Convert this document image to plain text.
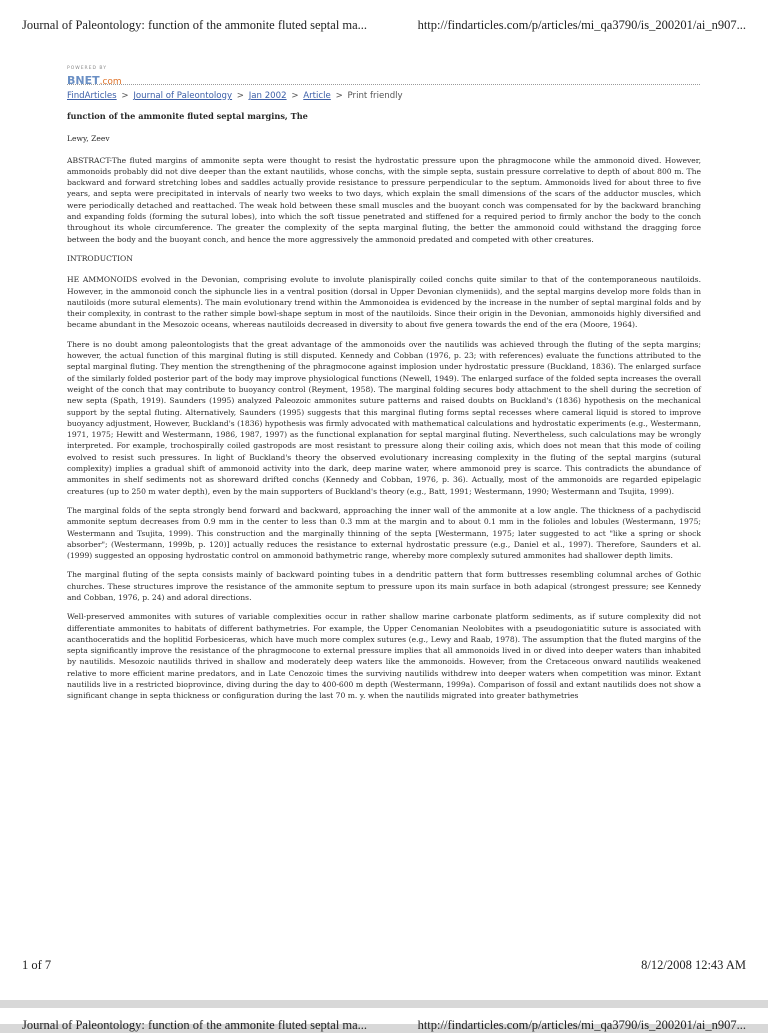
Journal of Paleontology: function of the ammonite fluted septal ma...	http://findarticles.com/p/articles/mi_qa3790/is_200201/ai_n907...
POWERED BY
BNET.com
FindArticles > Journal of Paleontology > Jan 2002 > Article > Print friendly
function of the ammonite fluted septal margins, The
Lewy, Zeev

ABSTRACT-The fluted margins of ammonite septa were thought to resist the hydrostatic pressure upon the phragmocone while the ammonoid dived. However, ammonoids probably did not dive deeper than the extant nautilids, whose conchs, with the simple septa, sustain pressure correlative to depth of about 800 m. The backward and forward stretching lobes and saddles actually provide resistance to pressure perpendicular to the septum. Ammonoids lived for about three to five years, and septa were precipitated in intervals of nearly two weeks to two days, which explain the small dimensions of the scars of the adductor muscles, which were periodically detached and reattached. The weak hold between these small muscles and the buoyant conch was compensated for by the backward branching and expanding folds (forming the sutural lobes), into which the soft tissue penetrated and stiffened for a required period to firmly anchor the body to the conch throughout its whole circumference. The greater the complexity of the septa marginal fluting, the better the ammonoid could withstand the dragging force between the body and the buoyant conch, and hence the more aggressively the ammonoid predated and competed with other creatures.

INTRODUCTION

HE AMMONOIDS evolved in the Devonian, comprising evolute to involute planispirally coiled conchs quite similar to that of the contemporaneous nautiloids. However, in the ammonoid conch the siphuncle lies in a ventral position (dorsal in Upper Devonian clymeniids), and the septal margins develop more folds than in nautiloids (more sutural elements). The main evolutionary trend within the Ammonoidea is evidenced by the increase in the number of septal marginal folds and by their complexity, in contrast to the rather simple bowl-shape septum in most of the nautiloids. Since their origin in the Devonian, ammonoids highly diversified and became abundant in the Mesozoic oceans, whereas nautiloids decreased in diversity to about five genera towards the end of the era (Moore, 1964).

There is no doubt among paleontologists that the great advantage of the ammonoids over the nautilids was achieved through the fluting of the septa margins; however, the actual function of this marginal fluting is still disputed. Kennedy and Cobban (1976, p. 23; with references) evaluate the functions attributed to the septal marginal fluting. They mention the strengthening of the phragmocone against implosion under hydrostatic pressure (Buckland, 1836). The enlarged surface of the similarly folded posterior part of the body may improve physiological functions (Newell, 1949). The enlarged surface of the folded septa increases the overall weight of the conch that may contribute to buoyancy control (Reyment, 1958). The marginal folding secures body attachment to the shell during the secretion of new septa (Spath, 1919). Saunders (1995) analyzed Paleozoic ammonites suture patterns and raised doubts on Buckland's (1836) hypothesis on the mechanical support by the septal fluting. Alternatively, Saunders (1995) suggests that this marginal fluting forms septal recesses where cameral liquid is stored to improve buoyancy adjustment, However, Buckland's (1836) hypothesis was firmly advocated with mathematical calculations and hydrostatic experiments (e.g., Westermann, 1971, 1975; Hewitt and Westermann, 1986, 1987, 1997) as the functional explanation for septal marginal fluting. Nevertheless, such calculations may be wrongly interpreted. For example, trochospirally coiled gastropods are most resistant to pressure along their coiling axis, which does not mean that this mode of coiling evolved to resist such pressures. In light of Buckland's theory the observed evolutionary increasing complexity in the fluting of the septal margins (sutural complexity) implies a gradual shift of ammonoid activity into the dark, deep marine water, where ammonoid prey is scarce. This contradicts the abundance of ammonites in shelf sediments not as shoreward drifted conchs (Kennedy and Cobban, 1976, p. 36). Actually, most of the ammonoids are regarded epipelagic creatures (up to 250 m water depth), even by the main supporters of Buckland's theory (e.g., Batt, 1991; Westermann, 1990; Westermann and Tsujita, 1999).

The marginal folds of the septa strongly bend forward and backward, approaching the inner wall of the ammonite at a low angle. The thickness of a pachydiscid ammonite septum decreases from 0.9 mm in the center to less than 0.3 mm at the margin and to about 0.1 mm in the folioles and lobules (Westermann, 1975; Westermann and Tsujita, 1999). This construction and the marginally thinning of the septa [Westermann, 1975; later suggested to act "like a spring or shock absorber"; (Westermann, 1999b, p. 120)] actually reduces the resistance to external hydrostatic pressure (e.g., Daniel et al., 1997). Therefore, Saunders et al. (1999) suggested an opposing hydrostatic control on ammonoid bathymetric range, whereby more complexly sutured ammonites had shallower depth limits.

The marginal fluting of the septa consists mainly of backward pointing tubes in a dendritic pattern that form buttresses resembling columnal arches of Gothic churches. These structures improve the resistance of the ammonite septum to pressure upon its main surface in both adapical (strongest pressure; see Kennedy and Cobban, 1976, p. 24) and adoral directions.

Well-preserved ammonites with sutures of variable complexities occur in rather shallow marine carbonate platform sediments, as if suture complexity did not differentiate ammonites to habitats of different bathymetries. For example, the Upper Cenomanian Neolobites with a pseudogoniatitic suture is associated with acanthoceratids and the hoplitid Forbesiceras, which have much more complex sutures (e.g., Lewy and Raab, 1978). The assumption that the fluted margins of the septa significantly improve the resistance of the phragmocone to external pressure implies that all ammonoids lived in or dived into deeper waters than inhabited by nautilids. Mesozoic nautilids thrived in shallow and moderately deep waters like the ammonoids. However, from the Cretaceous onward nautilids weakened relative to more efficient marine predators, and in Late Cenozoic times the surviving nautilids withdrew into deeper waters when competition was minor. Extant nautilids live in a restricted bioprovince, diving during the day to 400-600 m depth (Westermann, 1999a). Comparison of fossil and extant nautilids does not show a significant change in septa thickness or configuration during the last 70 m. y. when the nautilids migrated into greater bathymetries

1 of 7	8/12/2008 12:43 AM
Journal of Paleontology: function of the ammonite fluted septal ma...	http://findarticles.com/p/articles/mi_qa3790/is_200201/ai_n907...
